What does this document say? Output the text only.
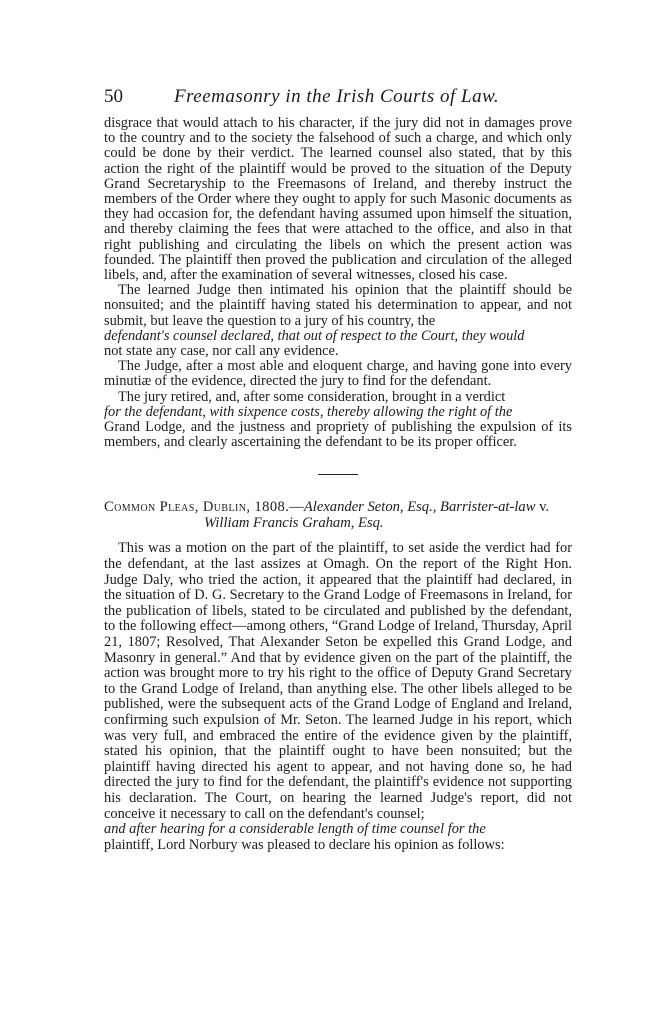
50	Freemasonry in the Irish Courts of Law.

disgrace that would attach to his character, if the jury did not in damages prove to the country and to the society the falsehood of such a charge, and which only could be done by their verdict. The learned counsel also stated, that by this action the right of the plaintiff would be proved to the situation of the Deputy Grand Secretaryship to the Freemasons of Ireland, and thereby instruct the members of the Order where they ought to apply for such Masonic documents as they had occasion for, the defendant having assumed upon himself the situation, and thereby claiming the fees that were attached to the office, and also in that right publishing and circulating the libels on which the present action was founded. The plaintiff then proved the publication and circulation of the alleged libels, and, after the examination of several witnesses, closed his case.

The learned Judge then intimated his opinion that the plaintiff should be nonsuited; and the plaintiff having stated his determination to appear, and not submit, but leave the question to a jury of his country, the

defendant's counsel declared, that out of respect to the Court, they would

not state any case, nor call any evidence.

The Judge, after a most able and eloquent charge, and having gone into every minutiæ of the evidence, directed the jury to find for the defendant.

The jury retired, and, after some consideration, brought in a verdict

for the defendant, with sixpence costs, thereby allowing the right of the

Grand Lodge, and the justness and propriety of publishing the expulsion of its members, and clearly ascertaining the defendant to be its proper officer.

Common Pleas, Dublin, 1808.—Alexander Seton, Esq., Barrister-at-law v. William Francis Graham, Esq.

This was a motion on the part of the plaintiff, to set aside the verdict had for the defendant, at the last assizes at Omagh. On the report of the Right Hon. Judge Daly, who tried the action, it appeared that the plaintiff had declared, in the situation of D. G. Secretary to the Grand Lodge of Freemasons in Ireland, for the publication of libels, stated to be circulated and published by the defendant, to the following effect—among others, “Grand Lodge of Ireland, Thursday, April 21, 1807; Resolved, That Alexander Seton be expelled this Grand Lodge, and Masonry in general.” And that by evidence given on the part of the plaintiff, the action was brought more to try his right to the office of Deputy Grand Secretary to the Grand Lodge of Ireland, than anything else. The other libels alleged to be published, were the subsequent acts of the Grand Lodge of England and Ireland, confirming such expulsion of Mr. Seton. The learned Judge in his report, which was very full, and embraced the entire of the evidence given by the plaintiff, stated his opinion, that the plaintiff ought to have been nonsuited; but the plaintiff having directed his agent to appear, and not having done so, he had directed the jury to find for the defendant, the plaintiff's evidence not supporting his declaration. The Court, on hearing the learned Judge's report, did not conceive it necessary to call on the defendant's counsel;

and after hearing for a considerable length of time counsel for the

plaintiff, Lord Norbury was pleased to declare his opinion as follows:
